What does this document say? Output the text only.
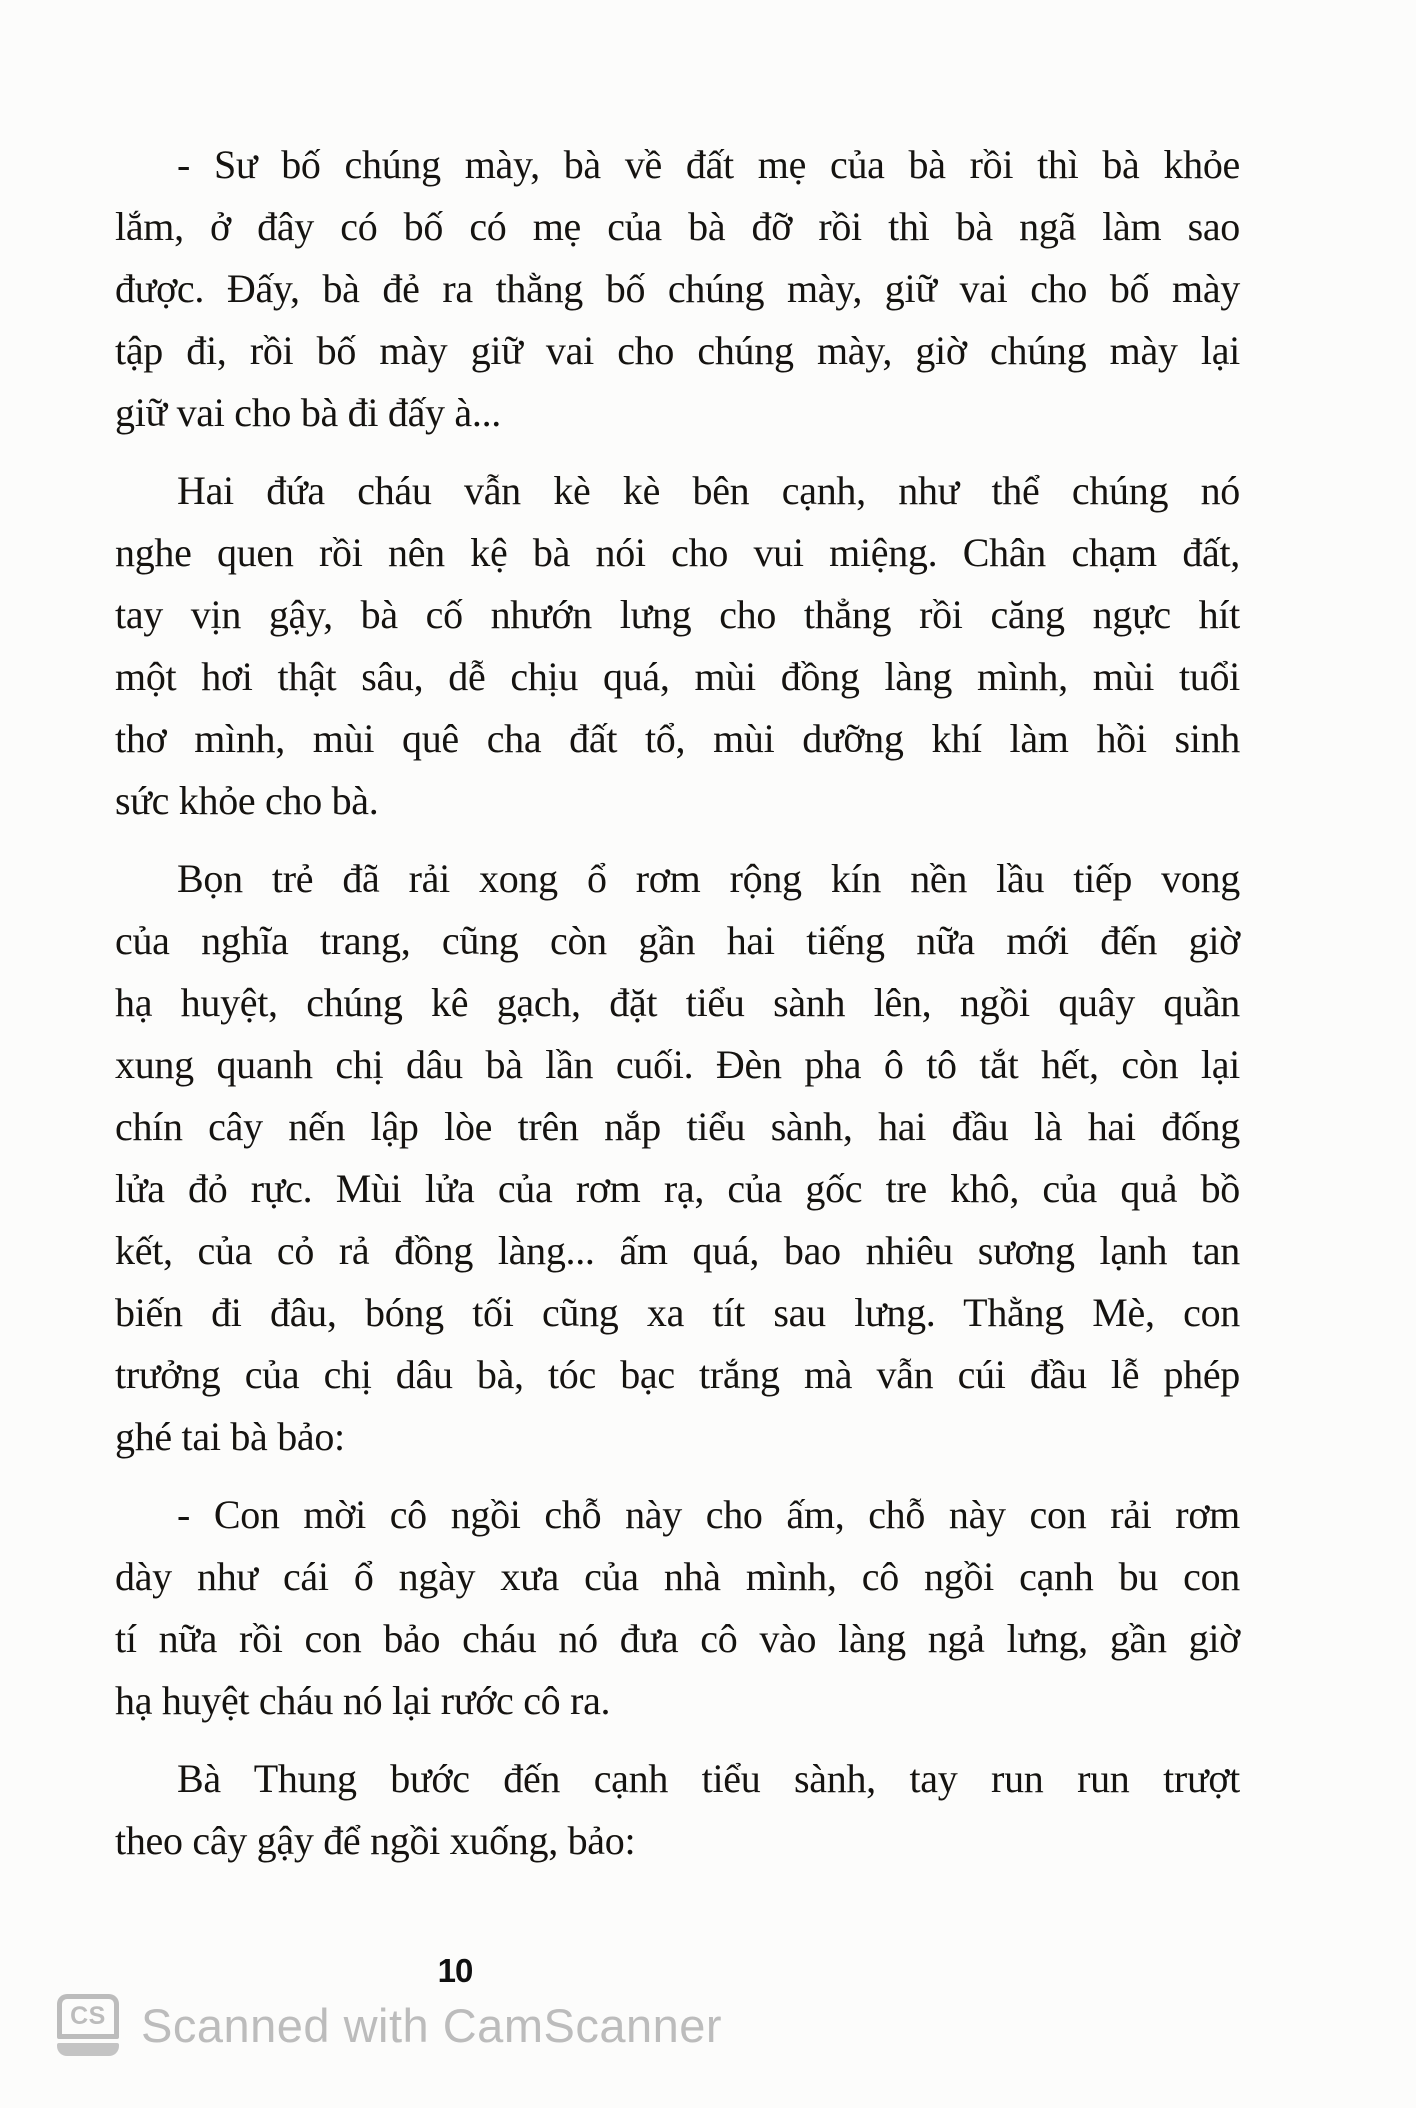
- Sư bố chúng mày, bà về đất mẹ của bà rồi thì bà khỏe
lắm, ở đây có bố có mẹ của bà đỡ rồi thì bà ngã làm sao
được. Đấy, bà đẻ ra thằng bố chúng mày, giữ vai cho bố mày
tập đi, rồi bố mày giữ vai cho chúng mày, giờ chúng mày lại
giữ vai cho bà đi đấy à...

Hai đứa cháu vẫn kè kè bên cạnh, như thể chúng nó
nghe quen rồi nên kệ bà nói cho vui miệng. Chân chạm đất,
tay vịn gậy, bà cố nhướn lưng cho thẳng rồi căng ngực hít
một hơi thật sâu, dễ chịu quá, mùi đồng làng mình, mùi tuổi
thơ mình, mùi quê cha đất tổ, mùi dưỡng khí làm hồi sinh
sức khỏe cho bà.

Bọn trẻ đã rải xong ổ rơm rộng kín nền lầu tiếp vong
của nghĩa trang, cũng còn gần hai tiếng nữa mới đến giờ
hạ huyệt, chúng kê gạch, đặt tiểu sành lên, ngồi quây quần
xung quanh chị dâu bà lần cuối. Đèn pha ô tô tắt hết, còn lại
chín cây nến lập lòe trên nắp tiểu sành, hai đầu là hai đống
lửa đỏ rực. Mùi lửa của rơm rạ, của gốc tre khô, của quả bồ
kết, của cỏ rả đồng làng... ấm quá, bao nhiêu sương lạnh tan
biến đi đâu, bóng tối cũng xa tít sau lưng. Thằng Mè, con
trưởng của chị dâu bà, tóc bạc trắng mà vẫn cúi đầu lễ phép
ghé tai bà bảo:

- Con mời cô ngồi chỗ này cho ấm, chỗ này con rải rơm
dày như cái ổ ngày xưa của nhà mình, cô ngồi cạnh bu con
tí nữa rồi con bảo cháu nó đưa cô vào làng ngả lưng, gần giờ
hạ huyệt cháu nó lại rước cô ra.

Bà Thung bước đến cạnh tiểu sành, tay run run trượt
theo cây gậy để ngồi xuống, bảo:

10
CS Scanned with CamScanner
